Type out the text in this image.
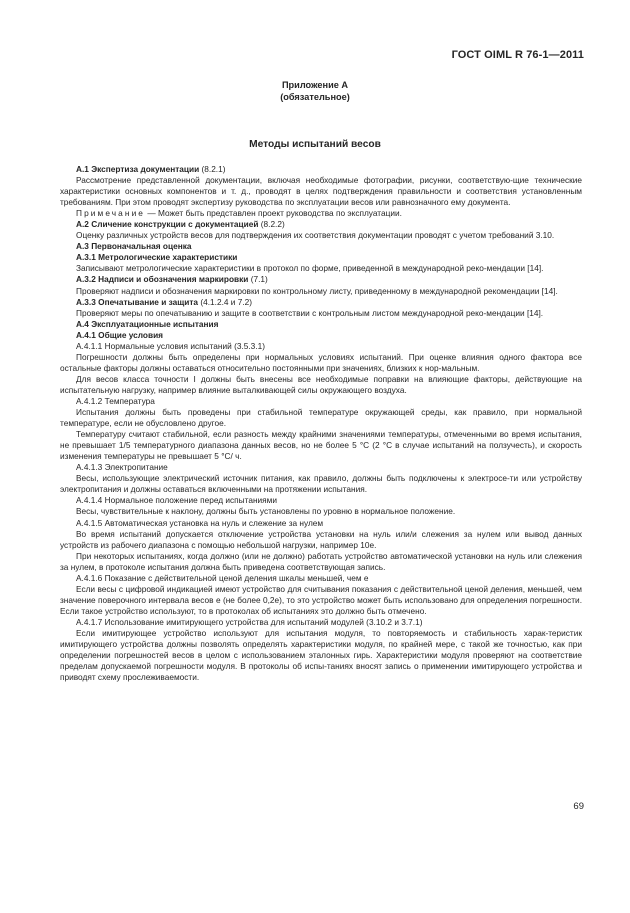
ГОСТ OIML R 76-1—2011
Приложение А
(обязательное)
Методы испытаний весов

А.1 Экспертиза документации (8.2.1)

Рассмотрение представленной документации, включая необходимые фотографии, рисунки, соответствую-щие технические характеристики основных компонентов и т. д., проводят в целях подтверждения правильности и соответствия установленным требованиям. При этом проводят экспертизу руководства по эксплуатации весов или равнозначного ему документа.

Примечание — Может быть представлен проект руководства по эксплуатации.

А.2 Сличение конструкции с документацией (8.2.2)

Оценку различных устройств весов для подтверждения их соответствия документации проводят с учетом требований 3.10.

А.3 Первоначальная оценка

А.3.1 Метрологические характеристики

Записывают метрологические характеристики в протокол по форме, приведенной в международной реко-мендации [14].

А.3.2 Надписи и обозначения маркировки (7.1)

Проверяют надписи и обозначения маркировки по контрольному листу, приведенному в международной рекомендации [14].

А.3.3 Опечатывание и защита (4.1.2.4 и 7.2)

Проверяют меры по опечатыванию и защите в соответствии с контрольным листом международной реко-мендации [14].

А.4 Эксплуатационные испытания

А.4.1 Общие условия

А.4.1.1 Нормальные условия испытаний (3.5.3.1)

Погрешности должны быть определены при нормальных условиях испытаний. При оценке влияния одного фактора все остальные факторы должны оставаться относительно постоянными при значениях, близких к нор-мальным.

Для весов класса точности I должны быть внесены все необходимые поправки на влияющие факторы, действующие на испытательную нагрузку, например влияние выталкивающей силы окружающего воздуха.

А.4.1.2 Температура

Испытания должны быть проведены при стабильной температуре окружающей среды, как правило, при нормальной температуре, если не обусловлено другое.

Температуру считают стабильной, если разность между крайними значениями температуры, отмеченными во время испытания, не превышает 1/5 температурного диапазона данных весов, но не более 5 °С (2 °С в случае испытаний на ползучесть), и скорость изменения температуры не превышает 5 °С/ ч.

А.4.1.3 Электропитание

Весы, использующие электрический источник питания, как правило, должны быть подключены к электросе-ти или устройству электропитания и должны оставаться включенными на протяжении испытания.

А.4.1.4 Нормальное положение перед испытаниями

Весы, чувствительные к наклону, должны быть установлены по уровню в нормальное положение.

А.4.1.5 Автоматическая установка на нуль и слежение за нулем

Во время испытаний допускается отключение устройства установки на нуль или/и слежения за нулем или вывод данных устройств из рабочего диапазона с помощью небольшой нагрузки, например 10e.

При некоторых испытаниях, когда должно (или не должно) работать устройство автоматической установки на нуль или слежения за нулем, в протоколе испытания должна быть приведена соответствующая запись.

А.4.1.6 Показание с действительной ценой деления шкалы меньшей, чем е

Если весы с цифровой индикацией имеют устройство для считывания показания с действительной ценой деления, меньшей, чем значение поверочного интервала весов е (не более 0,2е), то это устройство может быть использовано для определения погрешности. Если такое устройство используют, то в протоколах об испытаниях это должно быть отмечено.

А.4.1.7 Использование имитирующего устройства для испытаний модулей (3.10.2 и 3.7.1)

Если имитирующее устройство используют для испытания модуля, то повторяемость и стабильность харак-теристик имитирующего устройства должны позволять определять характеристики модуля, по крайней мере, с такой же точностью, как при определении погрешностей весов в целом с использованием эталонных гирь. Характеристики модуля проверяют на соответствие пределам допускаемой погрешности модуля. В протоколы об испы-таниях вносят запись о применении имитирующего устройства и приводят схему прослеживаемости.

69
